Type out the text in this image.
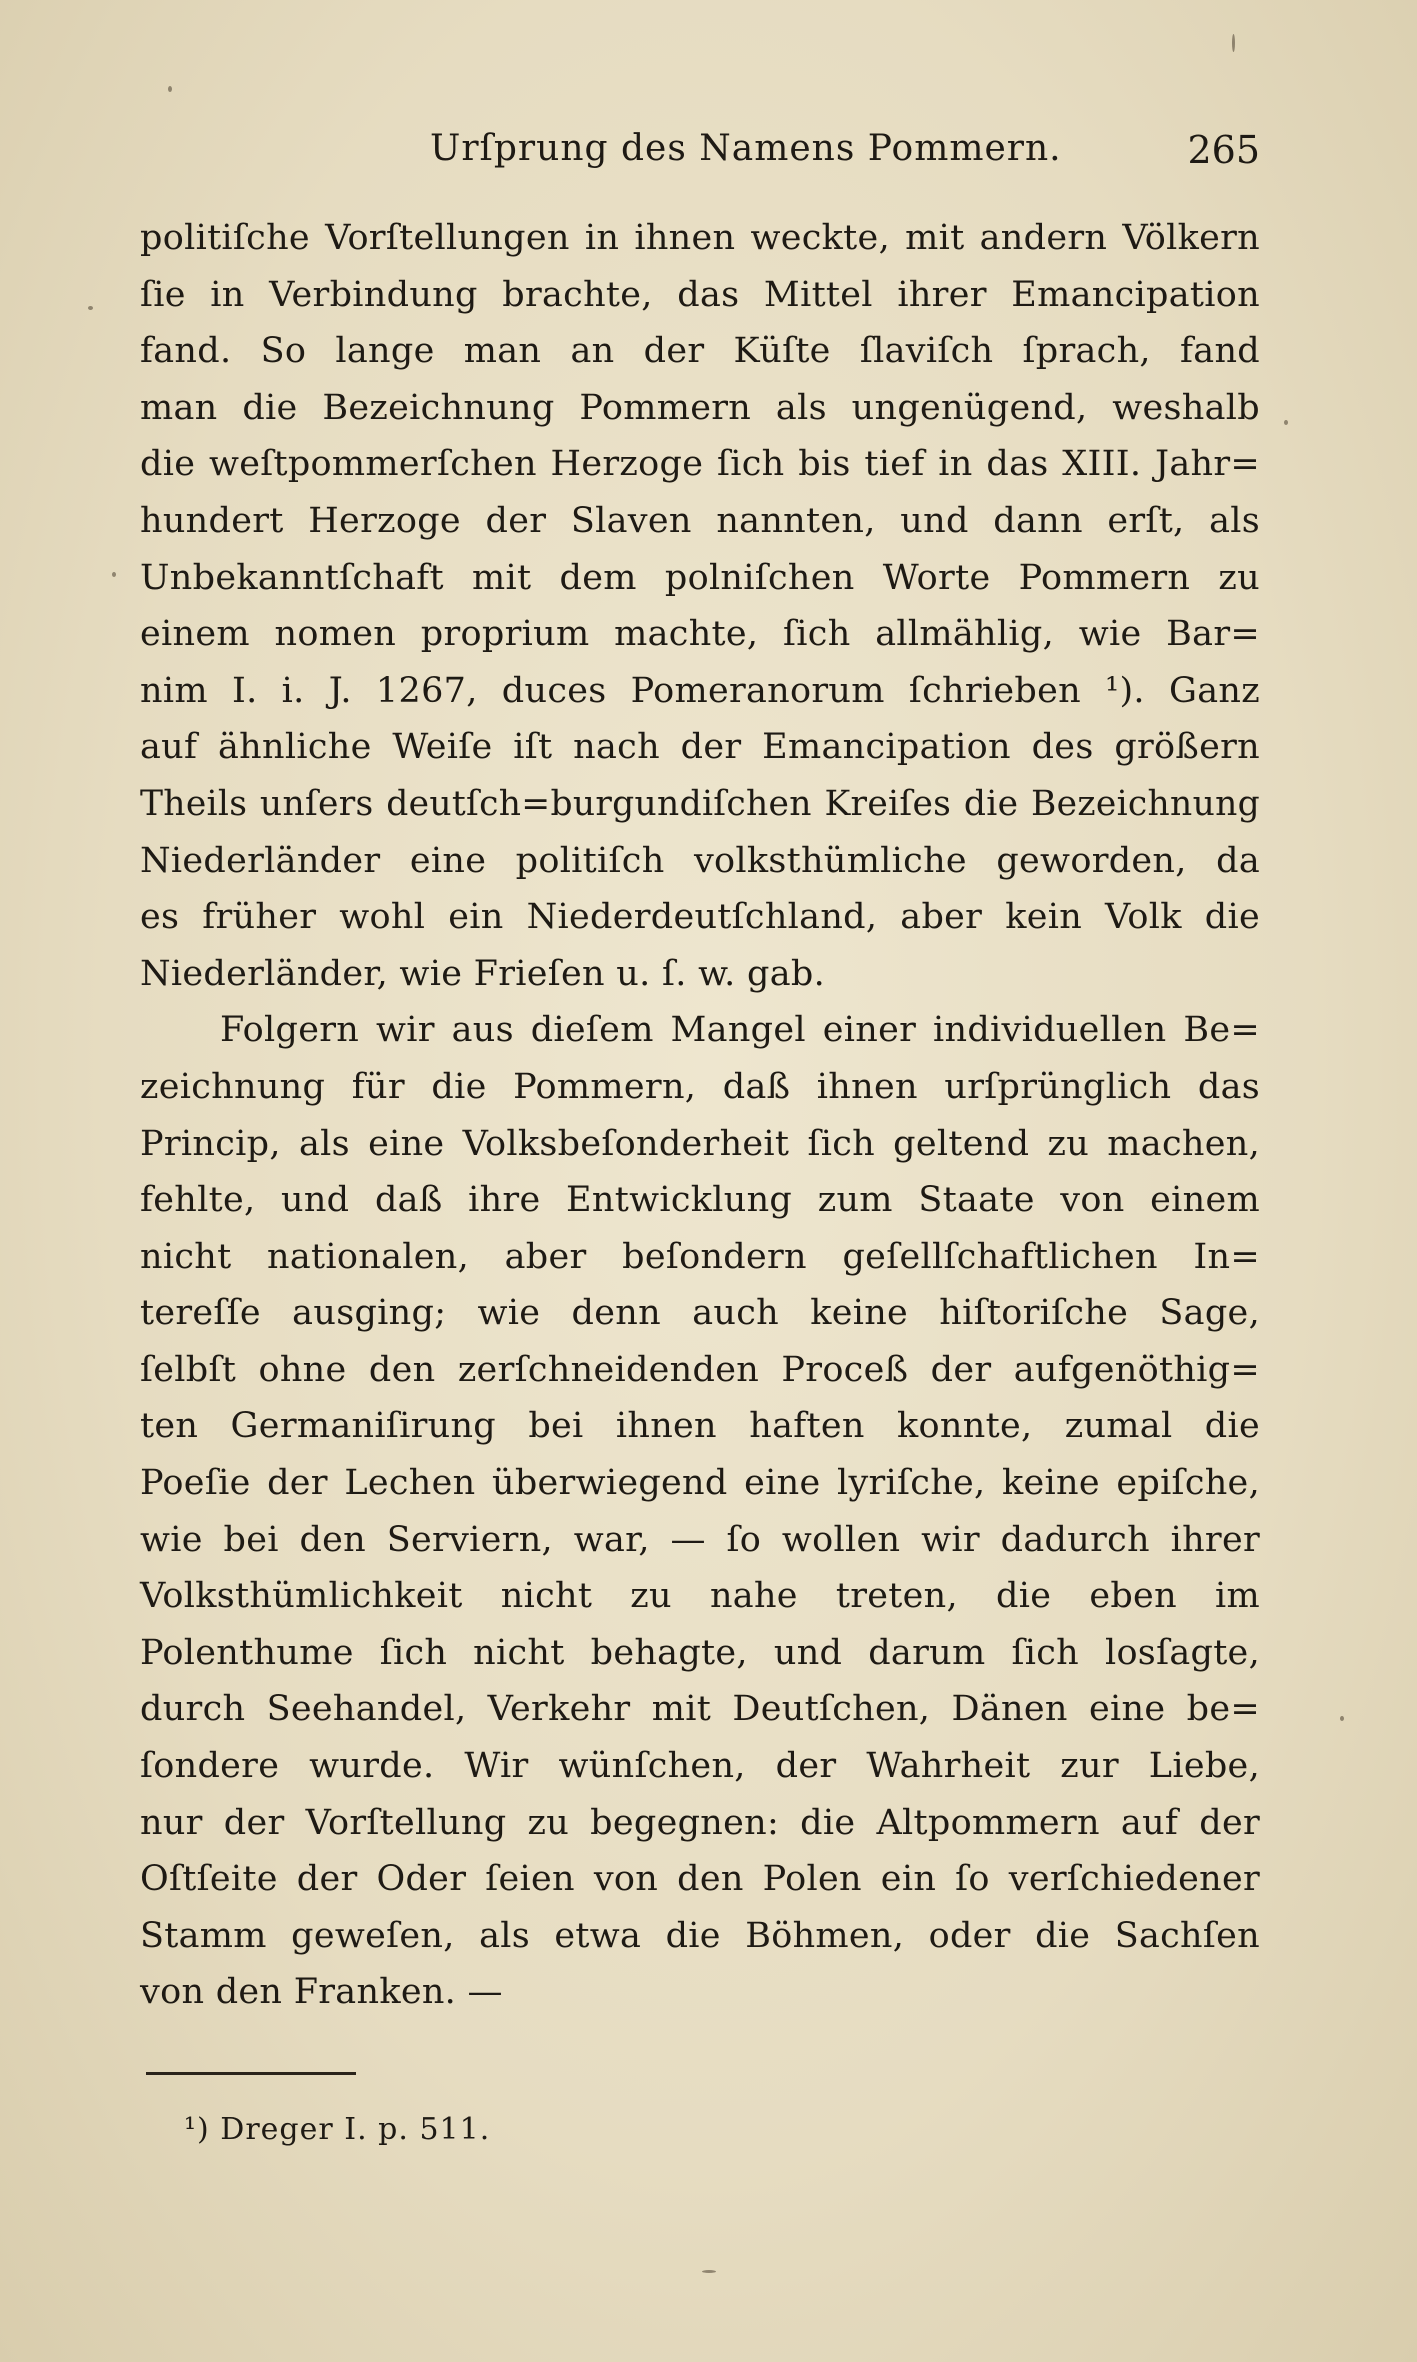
Urſprung des Namens Pommern.	265
politiſche Vorſtellungen in ihnen weckte, mit andern Völkern
ſie in Verbindung brachte, das Mittel ihrer Emancipation
fand. So lange man an der Küſte ſlaviſch ſprach, fand
man die Bezeichnung Pommern als ungenügend, weshalb
die weſtpommerſchen Herzoge ſich bis tief in das XIII. Jahr=
hundert Herzoge der Slaven nannten, und dann erſt, als
Unbekanntſchaft mit dem polniſchen Worte Pommern zu
einem nomen proprium machte, ſich allmählig, wie Bar=
nim I. i. J. 1267, duces Pomeranorum ſchrieben ¹). Ganz
auf ähnliche Weiſe iſt nach der Emancipation des größern
Theils unſers deutſch=burgundiſchen Kreiſes die Bezeichnung
Niederländer eine politiſch volksthümliche geworden, da
es früher wohl ein Niederdeutſchland, aber kein Volk die
Niederländer, wie Frieſen u. ſ. w. gab.
Folgern wir aus dieſem Mangel einer individuellen Be=
zeichnung für die Pommern, daß ihnen urſprünglich das
Princip, als eine Volksbeſonderheit ſich geltend zu machen,
fehlte, und daß ihre Entwicklung zum Staate von einem
nicht nationalen, aber beſondern geſellſchaftlichen In=
tereſſe ausging; wie denn auch keine hiſtoriſche Sage,
ſelbſt ohne den zerſchneidenden Proceß der aufgenöthig=
ten Germaniſirung bei ihnen haften konnte, zumal die
Poeſie der Lechen überwiegend eine lyriſche, keine epiſche,
wie bei den Serviern, war, — ſo wollen wir dadurch ihrer
Volksthümlichkeit nicht zu nahe treten, die eben im
Polenthume ſich nicht behagte, und darum ſich losſagte,
durch Seehandel, Verkehr mit Deutſchen, Dänen eine be=
ſondere wurde. Wir wünſchen, der Wahrheit zur Liebe,
nur der Vorſtellung zu begegnen: die Altpommern auf der
Oſtſeite der Oder ſeien von den Polen ein ſo verſchiedener
Stamm geweſen, als etwa die Böhmen, oder die Sachſen
von den Franken. —
¹) Dreger I. p. 511.
